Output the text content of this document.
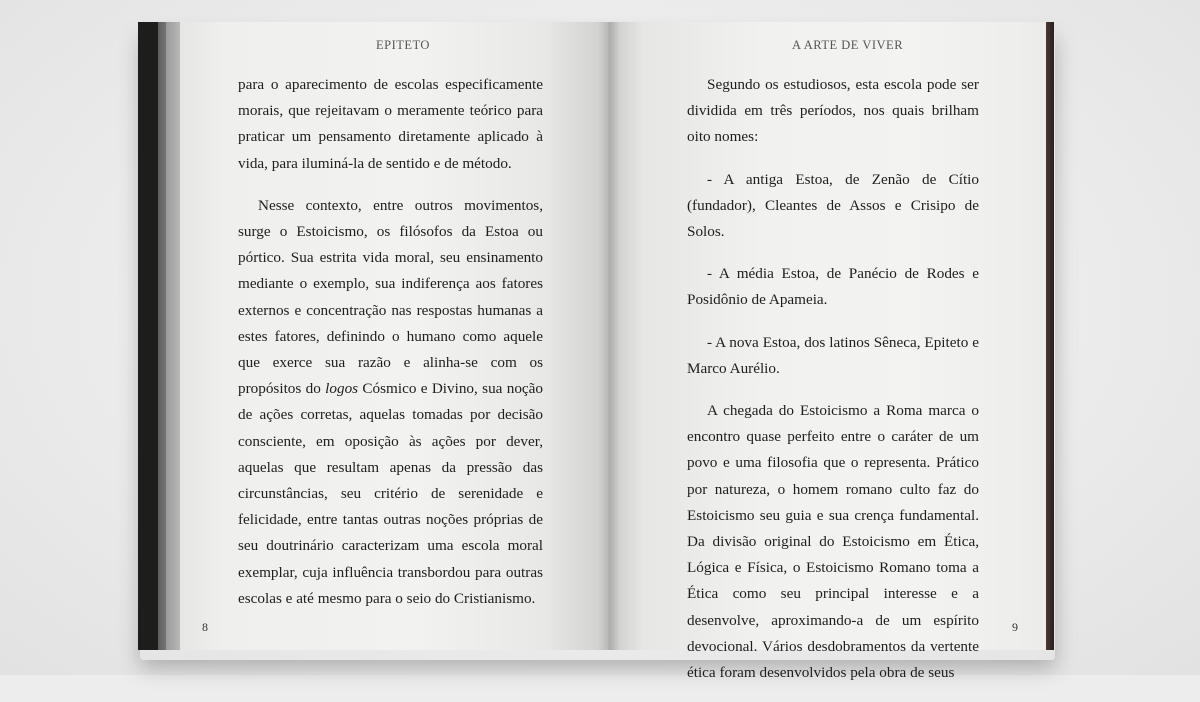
EPITETO

para o aparecimento de escolas especificamente morais, que rejeitavam o meramente teórico para praticar um pensamento diretamente aplicado à vida, para iluminá-la de sentido e de método.

Nesse contexto, entre outros movimentos, surge o Estoicismo, os filósofos da Estoa ou pórtico. Sua estrita vida moral, seu ensinamento mediante o exemplo, sua indiferença aos fatores externos e concentração nas respostas humanas a estes fatores, definindo o humano como aquele que exerce sua razão e alinha-se com os propósitos do logos Cósmico e Divino, sua noção de ações corretas, aquelas tomadas por decisão consciente, em oposição às ações por dever, aquelas que resultam apenas da pressão das circunstâncias, seu critério de serenidade e felicidade, entre tantas outras noções próprias de seu doutrinário caracterizam uma escola moral exemplar, cuja influência transbordou para outras escolas e até mesmo para o seio do Cristianismo.

8
A ARTE DE VIVER

Segundo os estudiosos, esta escola pode ser dividida em três períodos, nos quais brilham oito nomes:

- A antiga Estoa, de Zenão de Cítio (fundador), Cleantes de Assos e Crisipo de Solos.

- A média Estoa, de Panécio de Rodes e Posidônio de Apameia.

- A nova Estoa, dos latinos Sêneca, Epiteto e Marco Aurélio.

A chegada do Estoicismo a Roma marca o encontro quase perfeito entre o caráter de um povo e uma filosofia que o representa. Prático por natureza, o homem romano culto faz do Estoicismo seu guia e sua crença fundamental. Da divisão original do Estoicismo em Ética, Lógica e Física, o Estoicismo Romano toma a Ética como seu principal interesse e a desenvolve, aproximando-a de um espírito devocional. Vários desdobramentos da vertente ética foram desenvolvidos pela obra de seus

9
